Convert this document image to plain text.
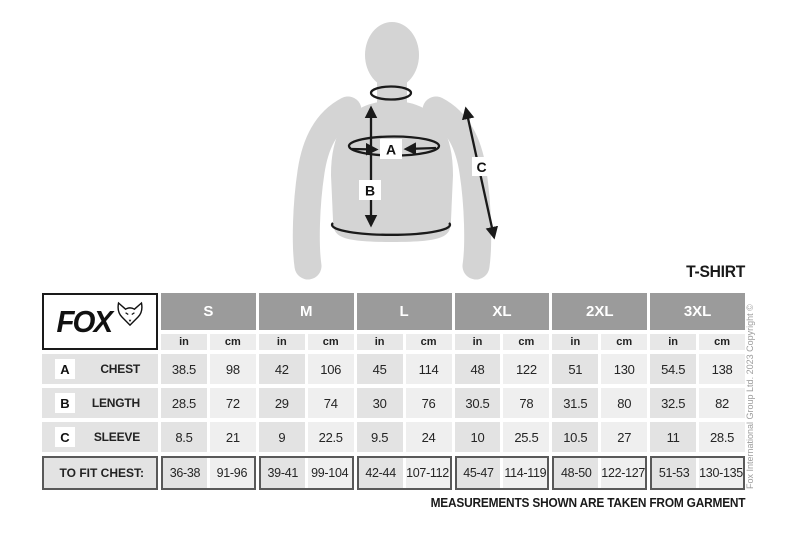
A
B
C
T-SHIRT
FOX	S	M	L	XL	2XL	3XL
in	cm	in	cm	in	cm	in	cm	in	cm	in	cm
A	CHEST	38.5	98	42	106	45	114	48	122	51	130	54.5	138
B	LENGTH	28.5	72	29	74	30	76	30.5	78	31.5	80	32.5	82
C	SLEEVE	8.5	21	9	22.5	9.5	24	10	25.5	10.5	27	11	28.5
TO FIT CHEST:	36-38	91-96	39-41	99-104	42-44 107-112	45-47 114-119	48-50 122-127	51-53 130-135
MEASUREMENTS SHOWN ARE TAKEN FROM GARMENT
Fox International Group Ltd. 2023 Copyright ©
